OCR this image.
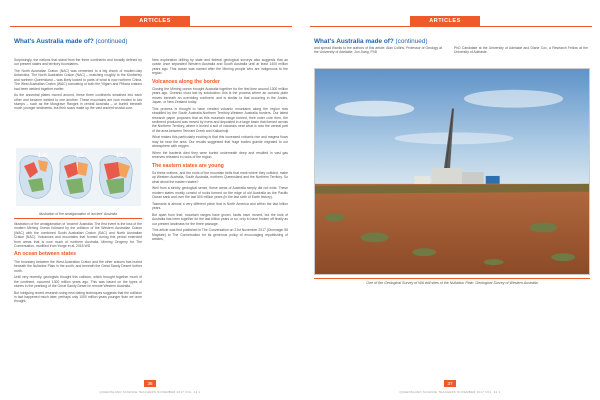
ARTICLES
What's Australia made of? (continued)

Surprisingly, the nations that stand from the three continents and broadly defined by our present states and territory boundaries.

The North Australian Craton (NAC) was cemented to a big chunk of modern-day Antarctica. The North Australian Craton (NAC) – matching roughly to the Kimberley and northern Queensland – was likely locked to parts of what is now northern China. The West Australian Craton (WAC) consisting of both the Yilgarn and Pilbara cratons had been welded together earlier.

As the ancestral plates moved around, these three continents smashed into each other and became welded to one another. These mountains are now eroded to low stumps – such as the Musgrave Ranges in central Australia – or buried beneath much younger sediments, but their scars make up the vast ancient crustal core.

1.45	1.3	1.1
Illustration of the amalgamation of 'ancient' Australia

Illustration of the amalgamation of 'ancient' Australia. The first event is the loss of the modern Mirning Ocean followed by the collision of the Western Australian Craton (WAC) with the combined South Australian Craton (SAC) and North Australian Craton (NAC). Volcanoes and mountains that formed during this period extended from areas that is now much of northern Australia. Mirning Orogeny for The Conversation, modified from Yonge et al. 2018 WD

An ocean between states

The boundary between the West Australian Craton and the other cratons has buried beneath the Nullarbor Plain in the south, and beneath the Great Sandy Desert further north.

Until very recently, geologists thought this collision, which brought together much of the continent, occurred 1300 million years ago. This was based on the types of stones in the yearlong of the Great Sandy Desert in remote Western Australia.

But intriguing recent research using new dating techniques suggests that the collision in fact happened much later, perhaps only 1000 million years younger than we once thought.

New exploration drilling by state and federal geological surveys also suggests that an ocean once separated Western Australia and South Australia until at least 1400 million years ago. This ocean was named after the Mirning people who are indigenous to the region.

Volcanoes along the border

Closing the Mirning ocean brought Australia together for the first time around 1300 million years ago. Oceanic crust lost by subduction: this is the process where an oceanic plate moves beneath an overriding continent, and is similar to that occurring in the Andes, Japan, or New Zealand today.

This process is thought to have created volcanic mountains along the region now straddled by the South Australia-Northern Territory-Western Australia borders. Our latest research paper proposes that as this mountain range formed, their outer core then, the sediment produced was moved by rivers and deposited in a large basin that formed across the Northern Territory, where it buried a suit of volcanics near what is now the central part of the area between Tennant Creek and Kalkarindji.

What makes this particularly exciting is that this increased volcanic rise and magma flows may be near the area. Our results suggested that huge bodies granite migrated to our atmosphere with oxygen.

When the bacteria died they were buried underneath deep and resulted in vast gas reserves released in rocks of the region.

The eastern states are young

So these cratons, and the roots of the mountain belts that mark where they collided, make up Western Australia, South Australia, northern Queensland and the Northern Territory. So what about the eastern states?

Well from a strictly geological sense, these areas of Australia simply did not exist. These modern states mostly consist of rocks formed on the edge of old Australia as the Pacific Ocean sank and over the last 500 million years (in the last sixth of Earth history).

Tasmania is almost a very different piece that is North America and within the last billion years.

But apart from that, mountain ranges have grown, faults have moved, but the bulk of Australia has been together for the last billion years or so, only to have broken off finally as our present landmass for the three passage.

This article was first published in The Conversation on 21st November 2017 (Dimmagin 58 Maydale) to The Conversation for its generous policy of encouraging republishing of articles,

36
QUEENSLAND SCIENCE TEACHERS NOVEMBER 2017 VOL. 42.1
ARTICLES
What's Australia made of? (continued)

and spread thanks to the authors of this article: Alan Collins, Professor of Geology at the University of Adelaide; Jon Jiang, PhD

PhD Candidate at the University of Adelaide and Diane Cox, a Research Fellow at the University of Adelaide.

One of the Geological Survey of WA drill sites of the Nullarbor Plain. Geological Survey of Western Australia
37
QUEENSLAND SCIENCE TEACHERS NOVEMBER 2017 VOL. 42.1
